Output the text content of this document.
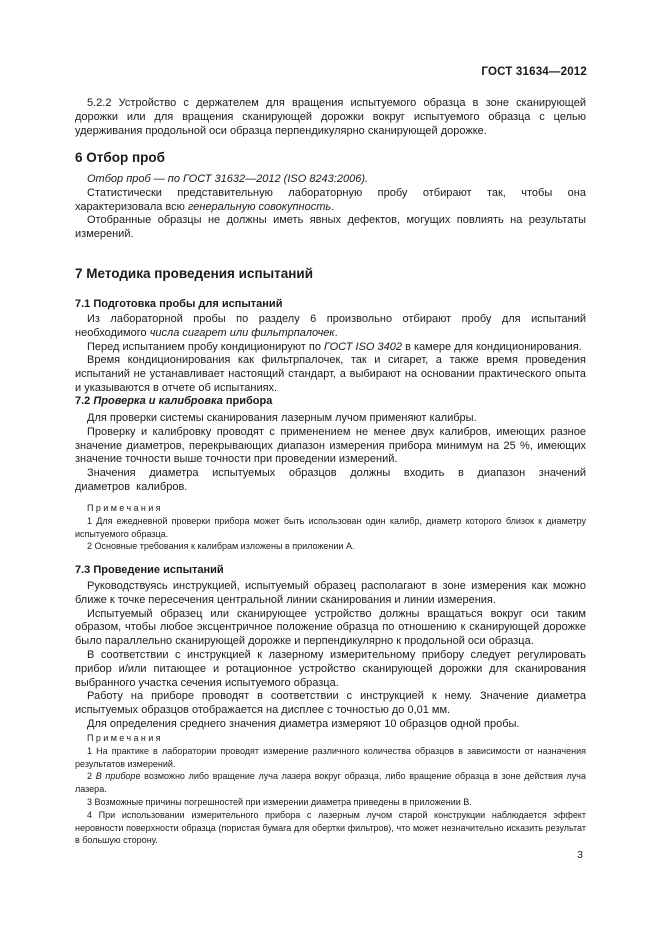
ГОСТ 31634—2012

5.2.2 Устройство с держателем для вращения испытуемого образца в зоне сканирующей дорожки или для вращения сканирующей дорожки вокруг испытуемого образца с целью удерживания продольной оси образца перпендикулярно сканирующей дорожке.

6 Отбор проб

Отбор проб — по ГОСТ 31632—2012 (ISO 8243:2006).

Статистически представительную лабораторную пробу отбирают так, чтобы она характеризовала всю генеральную совокупность.

Отобранные образцы не должны иметь явных дефектов, могущих повлиять на результаты измерений.

7 Методика проведения испытаний
7.1 Подготовка пробы для испытаний

Из лабораторной пробы по разделу 6 произвольно отбирают пробу для испытаний необходимого числа сигарет или фильтрпалочек.

Перед испытанием пробу кондиционируют по ГОСТ ISO 3402 в камере для кондиционирования.

Время кондиционирования как фильтрпалочек, так и сигарет, а также время проведения испытаний не устанавливает настоящий стандарт, а выбирают на основании практического опыта и указываются в отчете об испытаниях.

7.2 Проверка и калибровка прибора

Для проверки системы сканирования лазерным лучом применяют калибры.

Проверку и калибровку проводят с применением не менее двух калибров, имеющих разное значение диаметров, перекрывающих диапазон измерения прибора минимум на 25 %, имеющих значение точности выше точности при проведении измерений.

Значения диаметра испытуемых образцов должны входить в диапазон значений диаметров калибров.

Примечания

1 Для ежедневной проверки прибора может быть использован один калибр, диаметр которого близок к диаметру испытуемого образца.

2 Основные требования к калибрам изложены в приложении А.

7.3 Проведение испытаний

Руководствуясь инструкцией, испытуемый образец располагают в зоне измерения как можно ближе к точке пересечения центральной линии сканирования и линии измерения.

Испытуемый образец или сканирующее устройство должны вращаться вокруг оси таким образом, чтобы любое эксцентричное положение образца по отношению к сканирующей дорожке было параллельно сканирующей дорожке и перпендикулярно к продольной оси образца.

В соответствии с инструкцией к лазерному измерительному прибору следует регулировать прибор и/или питающее и ротационное устройство сканирующей дорожки для сканирования выбранного участка сечения испытуемого образца.

Работу на приборе проводят в соответствии с инструкцией к нему. Значение диаметра испытуемых образцов отображается на дисплее с точностью до 0,01 мм.

Для определения среднего значения диаметра измеряют 10 образцов одной пробы.

Примечания

1 На практике в лаборатории проводят измерение различного количества образцов в зависимости от назначения результатов измерений.

2 В приборе возможно либо вращение луча лазера вокруг образца, либо вращение образца в зоне действия луча лазера.

3 Возможные причины погрешностей при измерении диаметра приведены в приложении В.

4 При использовании измерительного прибора с лазерным лучом старой конструкции наблюдается эффект неровности поверхности образца (пористая бумага для обертки фильтров), что может незначительно исказить результат в большую сторону.

3
